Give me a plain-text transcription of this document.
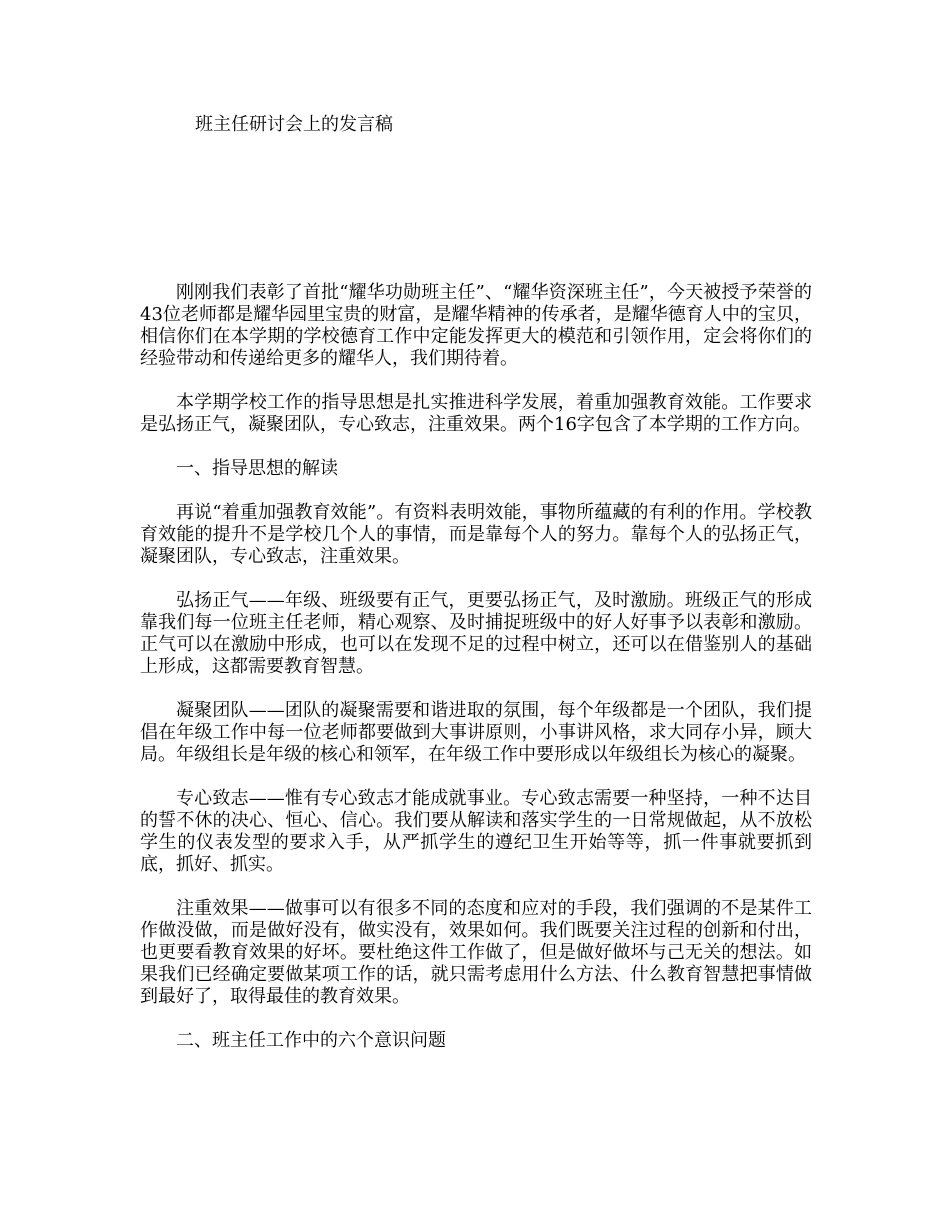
班主任研讨会上的发言稿

刚刚我们表彰了首批“耀华功勋班主任”、“耀华资深班主任”，今天被授予荣誉的43位老师都是耀华园里宝贵的财富，是耀华精神的传承者，是耀华德育人中的宝贝，相信你们在本学期的学校德育工作中定能发挥更大的模范和引领作用，定会将你们的经验带动和传递给更多的耀华人，我们期待着。

本学期学校工作的指导思想是扎实推进科学发展，着重加强教育效能。工作要求是弘扬正气，凝聚团队，专心致志，注重效果。两个16字包含了本学期的工作方向。

一、指导思想的解读

再说“着重加强教育效能”。有资料表明效能，事物所蕴藏的有利的作用。学校教育效能的提升不是学校几个人的事情，而是靠每个人的努力。靠每个人的弘扬正气，凝聚团队，专心致志，注重效果。

弘扬正气——年级、班级要有正气，更要弘扬正气，及时激励。班级正气的形成靠我们每一位班主任老师，精心观察、及时捕捉班级中的好人好事予以表彰和激励。正气可以在激励中形成，也可以在发现不足的过程中树立，还可以在借鉴别人的基础上形成，这都需要教育智慧。

凝聚团队——团队的凝聚需要和谐进取的氛围，每个年级都是一个团队，我们提倡在年级工作中每一位老师都要做到大事讲原则，小事讲风格，求大同存小异，顾大局。年级组长是年级的核心和领军，在年级工作中要形成以年级组长为核心的凝聚。

专心致志——惟有专心致志才能成就事业。专心致志需要一种坚持，一种不达目的誓不休的决心、恒心、信心。我们要从解读和落实学生的一日常规做起，从不放松学生的仪表发型的要求入手，从严抓学生的遵纪卫生开始等等，抓一件事就要抓到底，抓好、抓实。

注重效果——做事可以有很多不同的态度和应对的手段，我们强调的不是某件工作做没做，而是做好没有，做实没有，效果如何。我们既要关注过程的创新和付出，也更要看教育效果的好坏。要杜绝这件工作做了，但是做好做坏与己无关的想法。如果我们已经确定要做某项工作的话，就只需考虑用什么方法、什么教育智慧把事情做到最好了，取得最佳的教育效果。

二、班主任工作中的六个意识问题
